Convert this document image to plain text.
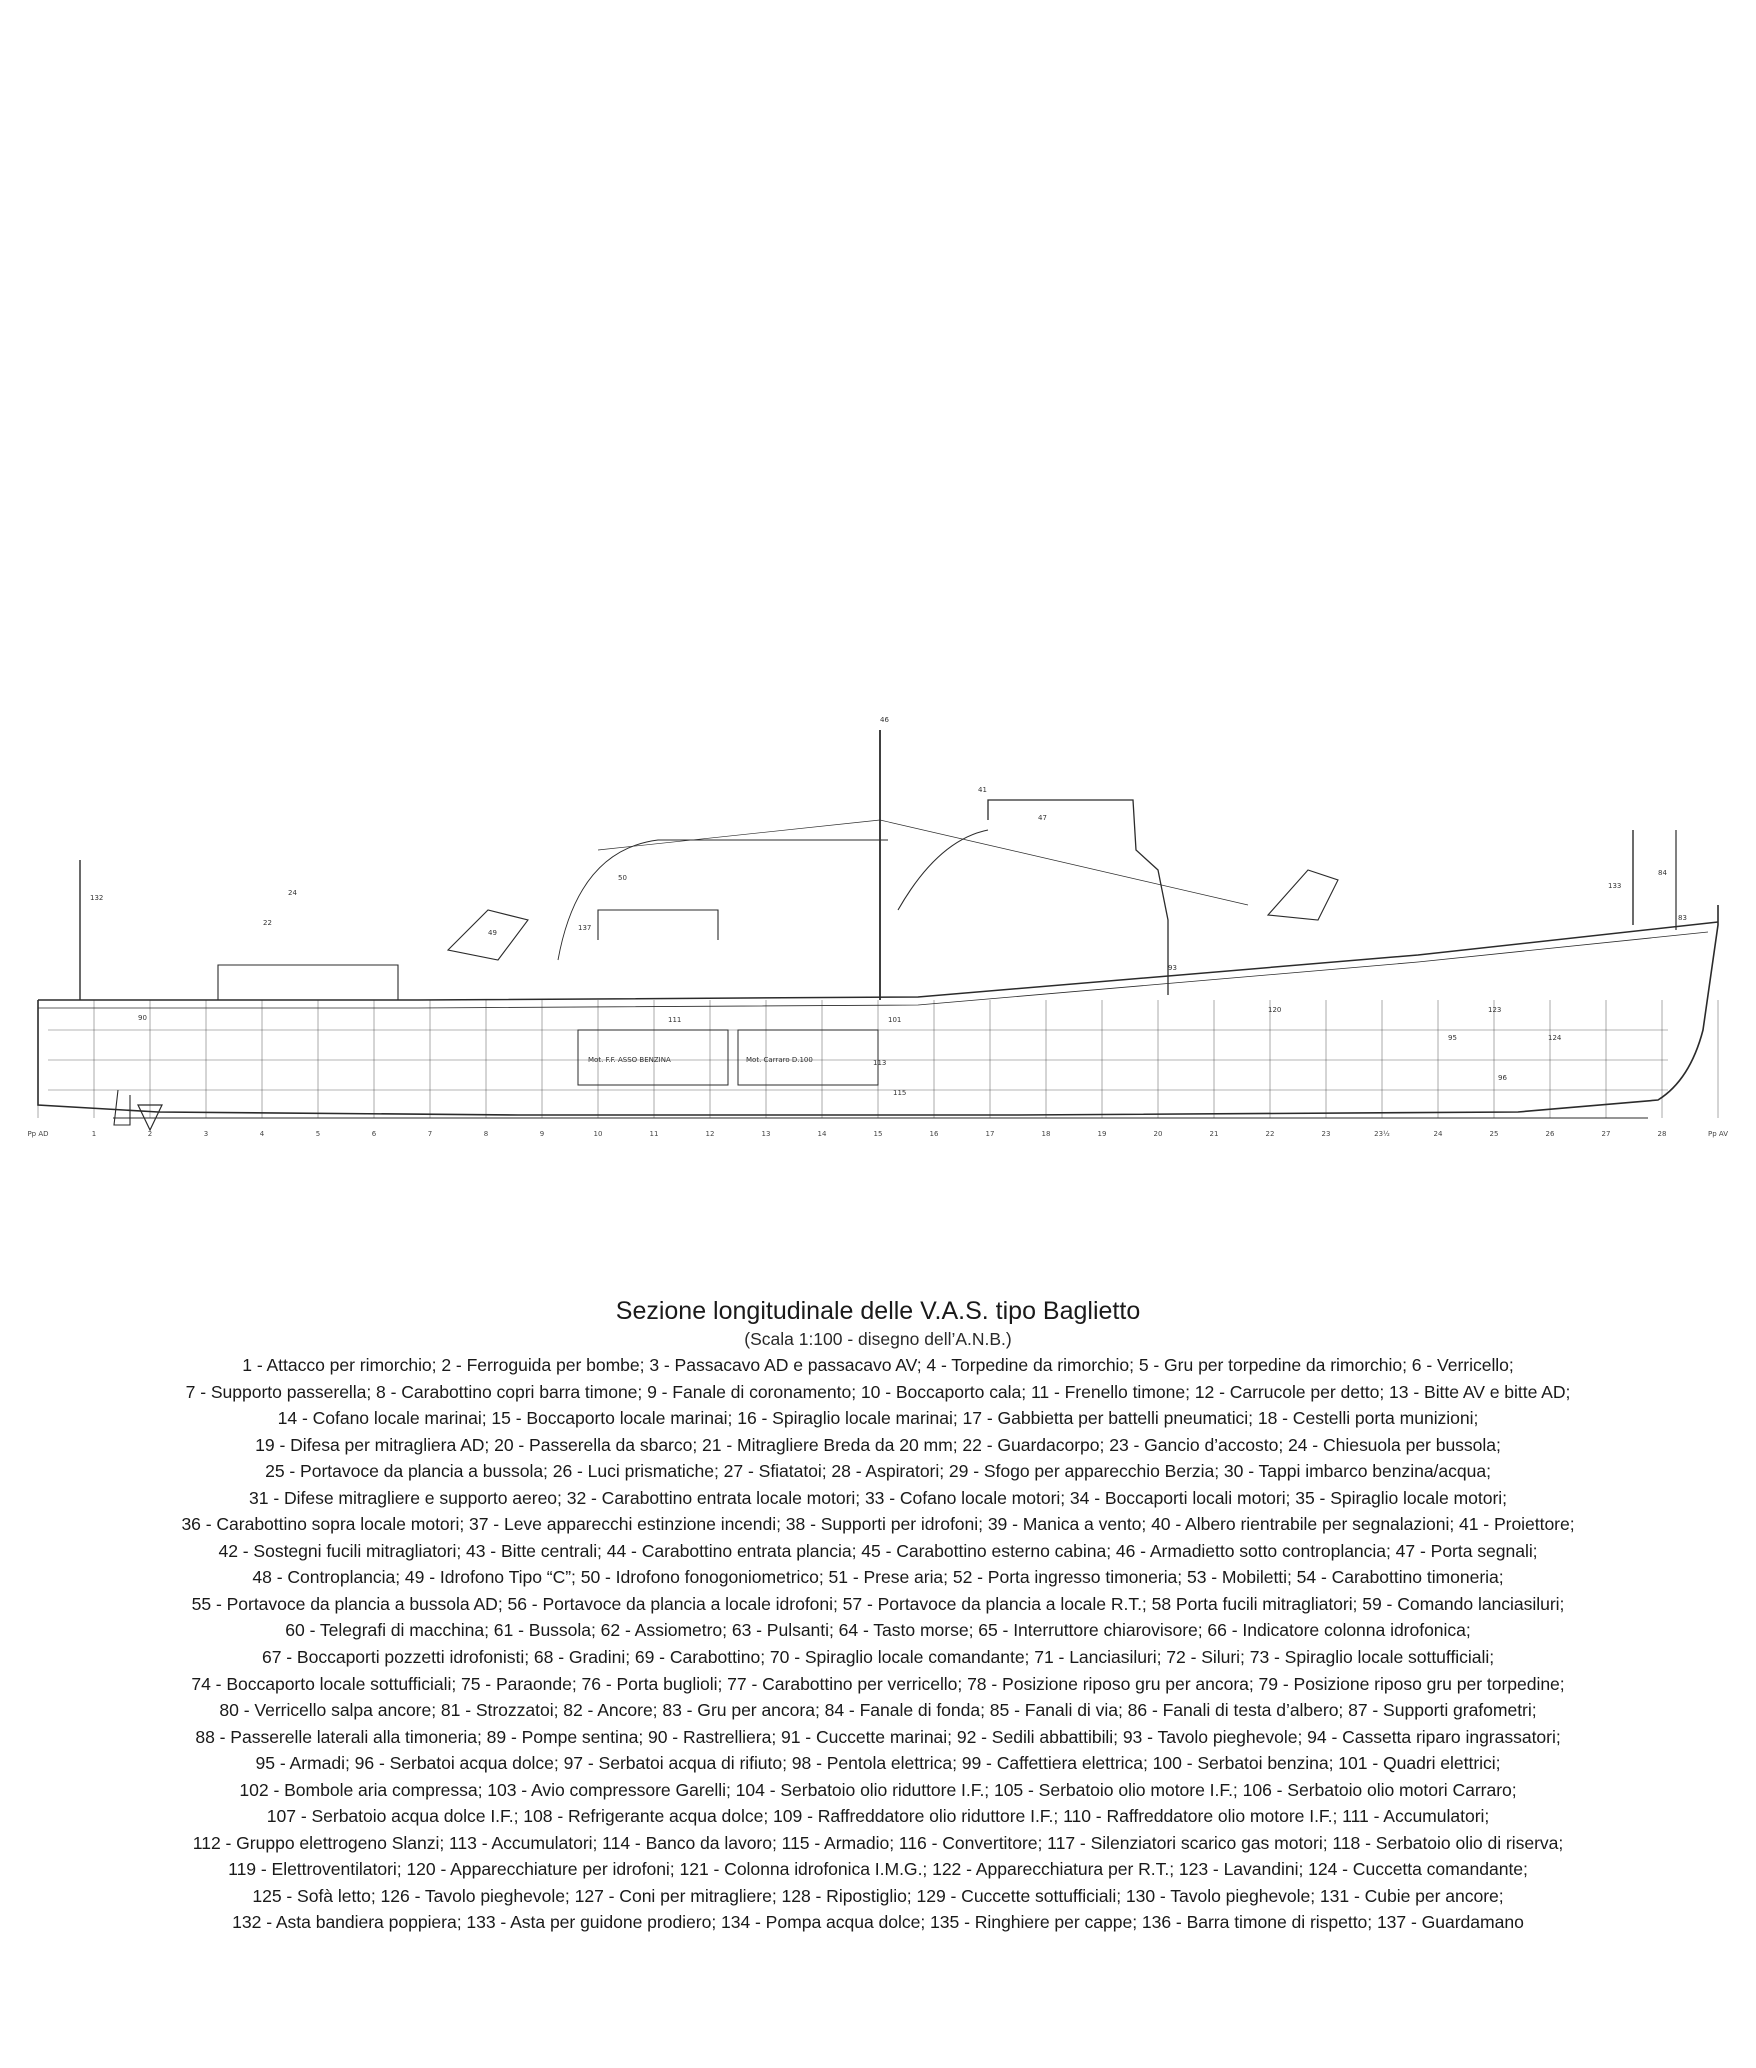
Pp AD	1	2	3	4	5	6	7	8	9	10	11	12	13	14	15	16	17	18	19	20	21	22	23	23½	24	25	26	27	28	Pp AV
46
41
47
132
24
22
49
50
137
133
111	101
113
115
93
120	123
124
95
96
83
84
90
Mot. F.F. ASSO BENZINA	Mot. Carraro D.100
Sezione longitudinale delle V.A.S. tipo Baglietto
(Scala 1:100 - disegno dell’A.N.B.)
1 - Attacco per rimorchio; 2 - Ferroguida per bombe; 3 - Passacavo AD e passacavo AV; 4 - Torpedine da rimorchio; 5 - Gru per torpedine da rimorchio; 6 - Verricello;
7 - Supporto passerella; 8 - Carabottino copri barra timone; 9 - Fanale di coronamento; 10 - Boccaporto cala; 11 - Frenello timone; 12 - Carrucole per detto; 13 - Bitte AV e bitte AD;
14 - Cofano locale marinai; 15 - Boccaporto locale marinai; 16 - Spiraglio locale marinai; 17 - Gabbietta per battelli pneumatici; 18 - Cestelli porta munizioni;
19 - Difesa per mitragliera AD; 20 - Passerella da sbarco; 21 - Mitragliere Breda da 20 mm; 22 - Guardacorpo; 23 - Gancio d’accosto; 24 - Chiesuola per bussola;
25 - Portavoce da plancia a bussola; 26 - Luci prismatiche; 27 - Sfiatatoi; 28 - Aspiratori; 29 - Sfogo per apparecchio Berzia; 30 - Tappi imbarco benzina/acqua;
31 - Difese mitragliere e supporto aereo; 32 - Carabottino entrata locale motori; 33 - Cofano locale motori; 34 - Boccaporti locali motori; 35 - Spiraglio locale motori;
36 - Carabottino sopra locale motori; 37 - Leve apparecchi estinzione incendi; 38 - Supporti per idrofoni; 39 - Manica a vento; 40 - Albero rientrabile per segnalazioni; 41 - Proiettore;
42 - Sostegni fucili mitragliatori; 43 - Bitte centrali; 44 - Carabottino entrata plancia; 45 - Carabottino esterno cabina; 46 - Armadietto sotto controplancia; 47 - Porta segnali;
48 - Controplancia; 49 - Idrofono Tipo “C”; 50 - Idrofono fonogoniometrico; 51 - Prese aria; 52 - Porta ingresso timoneria; 53 - Mobiletti; 54 - Carabottino timoneria;
55 - Portavoce da plancia a bussola AD; 56 - Portavoce da plancia a locale idrofoni; 57 - Portavoce da plancia a locale R.T.; 58 Porta fucili mitragliatori; 59 - Comando lanciasiluri;
60 - Telegrafi di macchina; 61 - Bussola; 62 - Assiometro; 63 - Pulsanti; 64 - Tasto morse; 65 - Interruttore chiarovisore; 66 - Indicatore colonna idrofonica;
67 - Boccaporti pozzetti idrofonisti; 68 - Gradini; 69 - Carabottino; 70 - Spiraglio locale comandante; 71 - Lanciasiluri; 72 - Siluri; 73 - Spiraglio locale sottufficiali;
74 - Boccaporto locale sottufficiali; 75 - Paraonde; 76 - Porta buglioli; 77 - Carabottino per verricello; 78 - Posizione riposo gru per ancora; 79 - Posizione riposo gru per torpedine;
80 - Verricello salpa ancore; 81 - Strozzatoi; 82 - Ancore; 83 - Gru per ancora; 84 - Fanale di fonda; 85 - Fanali di via; 86 - Fanali di testa d’albero; 87 - Supporti grafometri;
88 - Passerelle laterali alla timoneria; 89 - Pompe sentina; 90 - Rastrelliera; 91 - Cuccette marinai; 92 - Sedili abbattibili; 93 - Tavolo pieghevole; 94 - Cassetta riparo ingrassatori;
95 - Armadi; 96 - Serbatoi acqua dolce; 97 - Serbatoi acqua di rifiuto; 98 - Pentola elettrica; 99 - Caffettiera elettrica; 100 - Serbatoi benzina; 101 - Quadri elettrici;
102 - Bombole aria compressa; 103 - Avio compressore Garelli; 104 - Serbatoio olio riduttore I.F.; 105 - Serbatoio olio motore I.F.; 106 - Serbatoio olio motori Carraro;
107 - Serbatoio acqua dolce I.F.; 108 - Refrigerante acqua dolce; 109 - Raffreddatore olio riduttore I.F.; 110 - Raffreddatore olio motore I.F.; 111 - Accumulatori;
112 - Gruppo elettrogeno Slanzi; 113 - Accumulatori; 114 - Banco da lavoro; 115 - Armadio; 116 - Convertitore; 117 - Silenziatori scarico gas motori; 118 - Serbatoio olio di riserva;
119 - Elettroventilatori; 120 - Apparecchiature per idrofoni; 121 - Colonna idrofonica I.M.G.; 122 - Apparecchiatura per R.T.; 123 - Lavandini; 124 - Cuccetta comandante;
125 - Sofà letto; 126 - Tavolo pieghevole; 127 - Coni per mitragliere; 128 - Ripostiglio; 129 - Cuccette sottufficiali; 130 - Tavolo pieghevole; 131 - Cubie per ancore;
132 - Asta bandiera poppiera; 133 - Asta per guidone prodiero; 134 - Pompa acqua dolce; 135 - Ringhiere per cappe; 136 - Barra timone di rispetto; 137 - Guardamano
